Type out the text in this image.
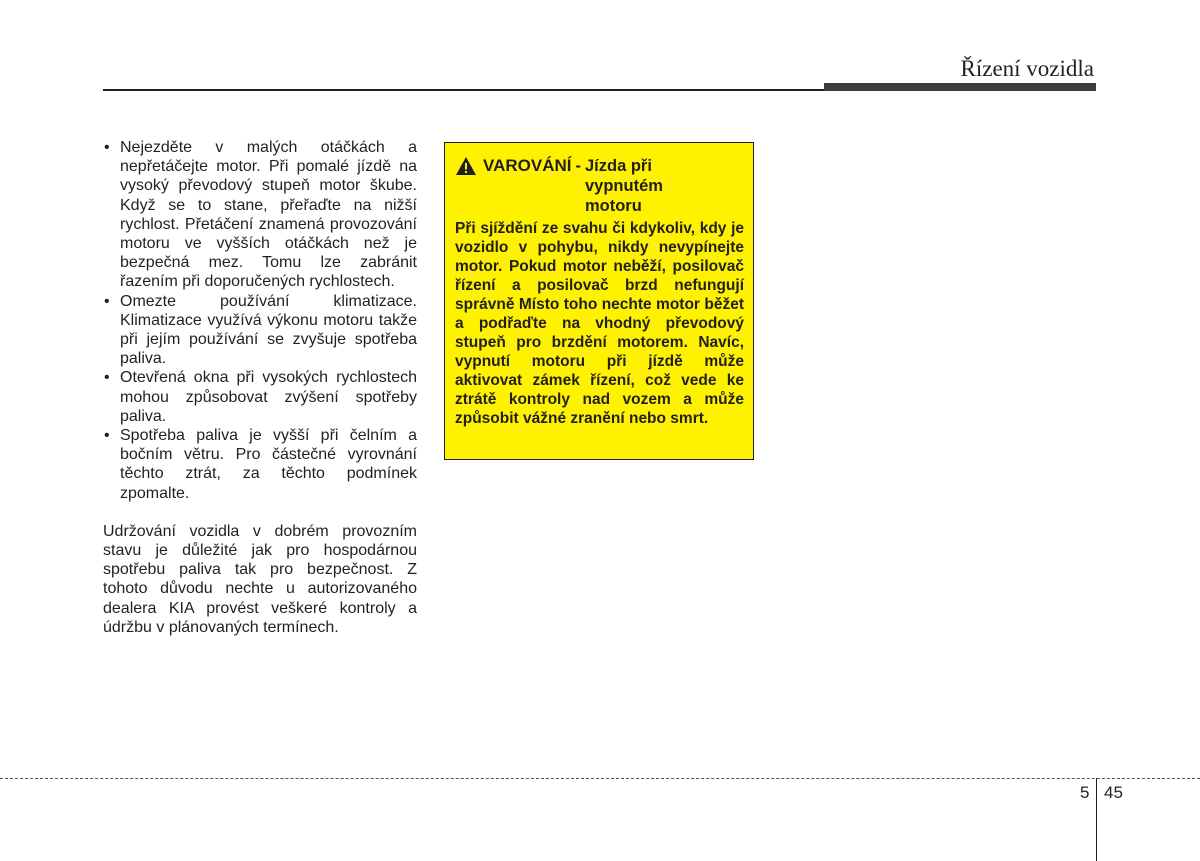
Řízení vozidla
• Nejezděte v malých otáčkách a nepřetáčejte motor. Při pomalé jízdě na vysoký převodový stupeň motor škube. Když se to stane, přeřaďte na nižší rychlost. Přetáčení znamená provozování motoru ve vyšších otáčkách než je bezpečná mez. Tomu lze zabránit řazením při doporučených rychlostech.
• Omezte používání klimatizace. Klimatizace využívá výkonu motoru takže při jejím používání se zvyšuje spotřeba paliva.
• Otevřená okna při vysokých rychlostech mohou způsobovat zvýšení spotřeby paliva.
• Spotřeba paliva je vyšší při čelním a bočním větru. Pro částečné vyrovnání těchto ztrát, za těchto podmínek zpomalte.

Udržování vozidla v dobrém provozním stavu je důležité jak pro hospodárnou spotřebu paliva tak pro bezpečnost. Z tohoto důvodu nechte u autorizovaného dealera KIA provést veškeré kontroly a údržbu v plánovaných termínech.

VAROVÁNÍ - Jízda při vypnutém motoru
Při sjíždění ze svahu či kdykoliv, kdy je vozidlo v pohybu, nikdy nevypínejte motor. Pokud motor neběží, posilovač řízení a posilovač brzd nefungují správně Místo toho nechte motor běžet a podřaďte na vhodný převodový stupeň pro brzdění motorem. Navíc, vypnutí motoru při jízdě může aktivovat zámek řízení, což vede ke ztrátě kontroly nad vozem a může způsobit vážné zranění nebo smrt.
5 45
